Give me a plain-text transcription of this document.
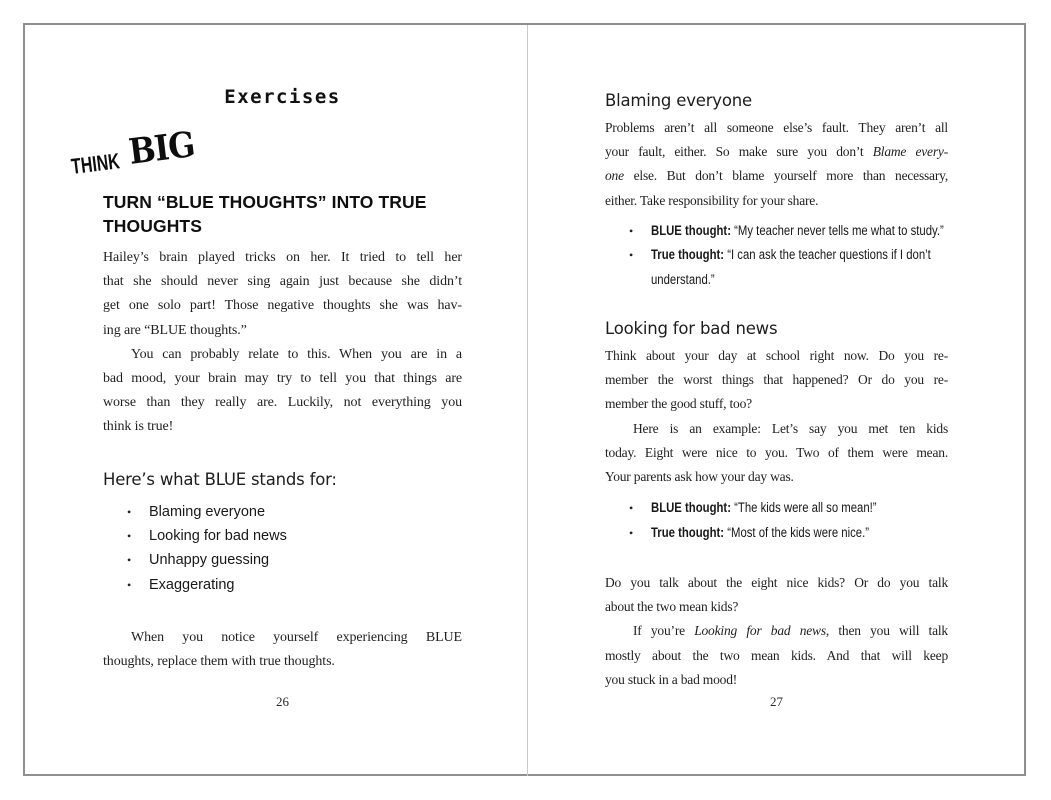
Exercises
THINK BIG
TURN “BLUE THOUGHTS” INTO TRUE
THOUGHTS
Hailey’s brain played tricks on her. It tried to tell her
that she should never sing again just because she didn’t
get one solo part! Those negative thoughts she was hav-
ing are “BLUE thoughts.”
You can probably relate to this. When you are in a
bad mood, your brain may try to tell you that things are
worse than they really are. Luckily, not everything you
think is true!
Here’s what BLUE stands for:
•	Blaming everyone
•	Looking for bad news
•	Unhappy guessing
•	Exaggerating
When you notice yourself experiencing BLUE
thoughts, replace them with true thoughts.
26
Blaming everyone
Problems aren’t all someone else’s fault. They aren’t all
your fault, either. So make sure you don’t Blame every-
one else. But don’t blame yourself more than necessary,
either. Take responsibility for your share.
•	BLUE thought: “My teacher never tells me what to study.”
•	True thought: “I can ask the teacher questions if I don’t understand.”
Looking for bad news
Think about your day at school right now. Do you re-
member the worst things that happened? Or do you re-
member the good stuff, too?
Here is an example: Let’s say you met ten kids
today. Eight were nice to you. Two of them were mean.
Your parents ask how your day was.
•	BLUE thought: “The kids were all so mean!”
•	True thought: “Most of the kids were nice.”
Do you talk about the eight nice kids? Or do you talk
about the two mean kids?
If you’re Looking for bad news, then you will talk
mostly about the two mean kids. And that will keep
you stuck in a bad mood!
27
